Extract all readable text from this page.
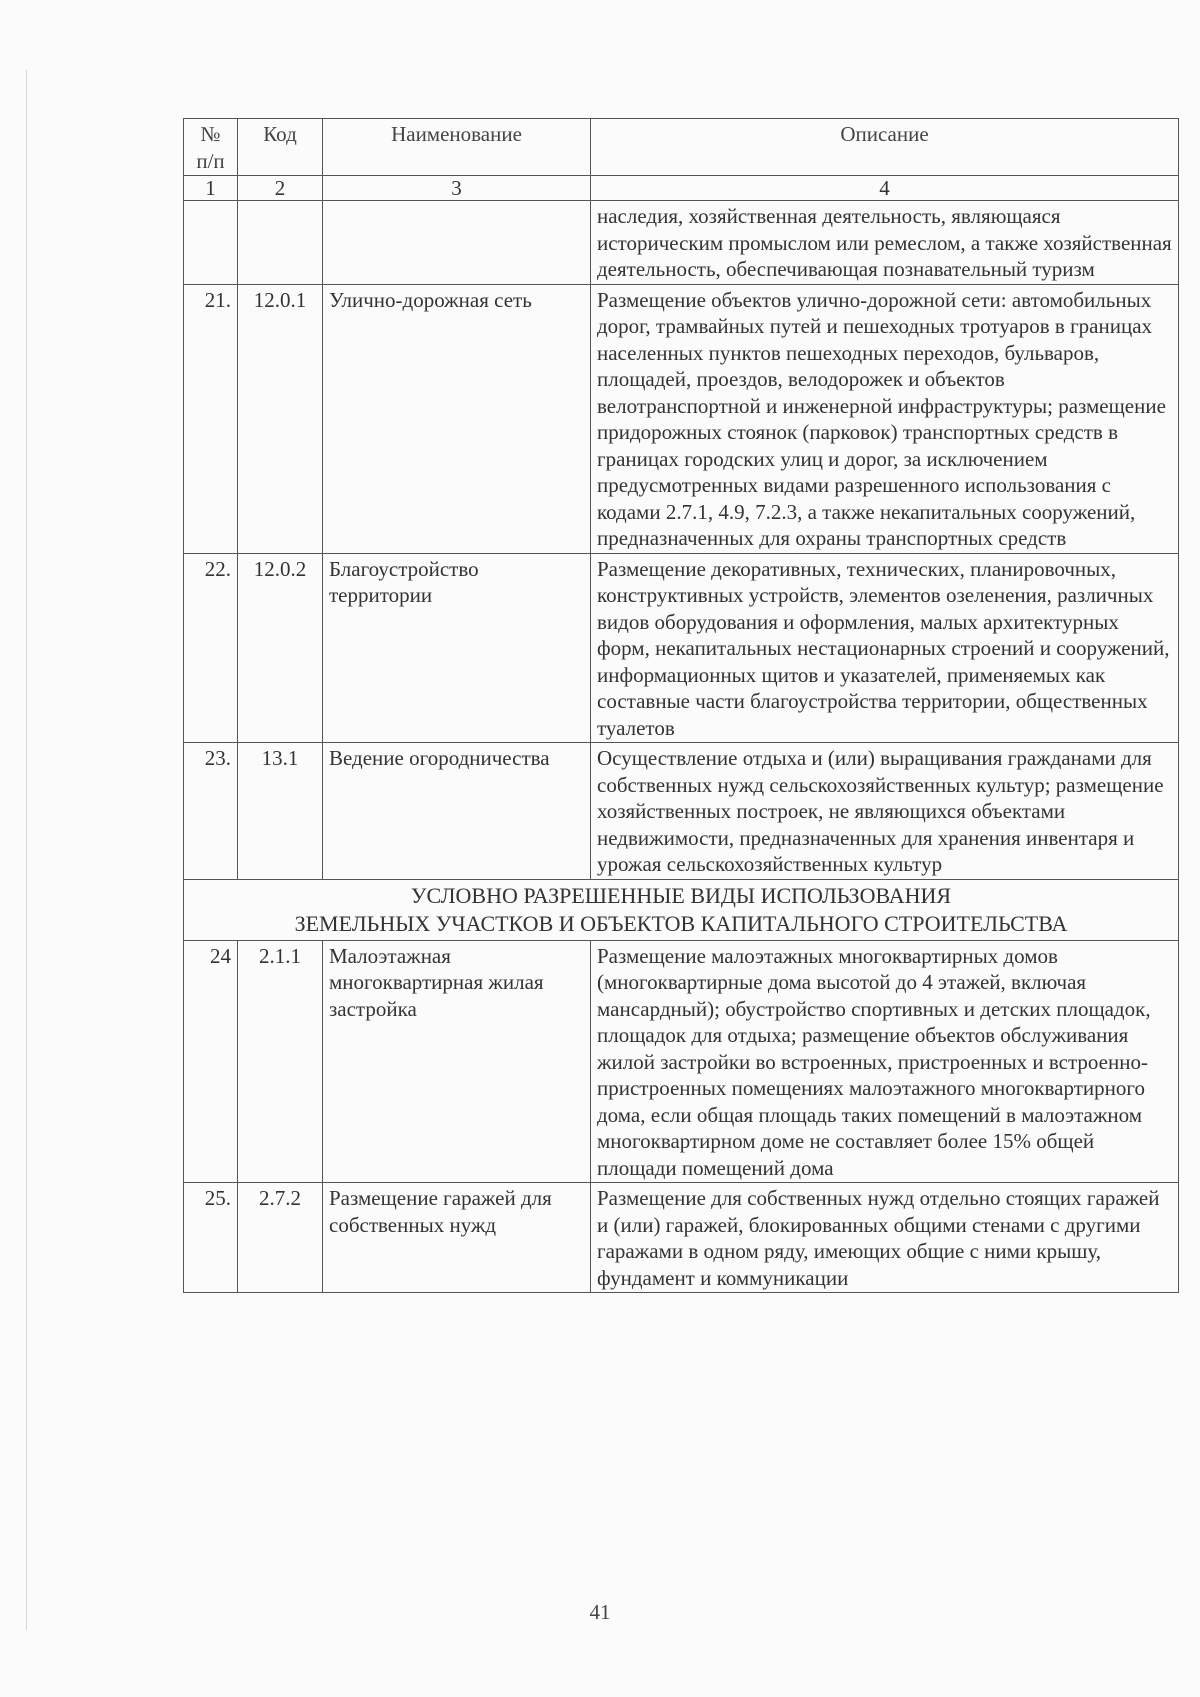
№ п/п	Код	Наименование	Описание
1	2	3	4
			наследия, хозяйственная деятельность, являющаяся историческим промыслом или ремеслом, а также хозяйственная деятельность, обеспечивающая познавательный туризм
21.	12.0.1	Улично-дорожная сеть	Размещение объектов улично-дорожной сети: автомобильных дорог, трамвайных путей и пешеходных тротуаров в границах населенных пунктов пешеходных переходов, бульваров, площадей, проездов, велодорожек и объектов велотранспортной и инженерной инфраструктуры; размещение придорожных стоянок (парковок) транспортных средств в границах городских улиц и дорог, за исключением предусмотренных видами разрешенного использования с кодами 2.7.1, 4.9, 7.2.3, а также некапитальных сооружений, предназначенных для охраны транспортных средств
22.	12.0.2	Благоустройство территории	Размещение декоративных, технических, планировочных, конструктивных устройств, элементов озеленения, различных видов оборудования и оформления, малых архитектурных форм, некапитальных нестационарных строений и сооружений, информационных щитов и указателей, применяемых как составные части благоустройства территории, общественных туалетов
23.	13.1	Ведение огородничества	Осуществление отдыха и (или) выращивания гражданами для собственных нужд сельскохозяйственных культур; размещение хозяйственных построек, не являющихся объектами недвижимости, предназначенных для хранения инвентаря и урожая сельскохозяйственных культур

УСЛОВНО РАЗРЕШЕННЫЕ ВИДЫ ИСПОЛЬЗОВАНИЯ
ЗЕМЕЛЬНЫХ УЧАСТКОВ И ОБЪЕКТОВ КАПИТАЛЬНОГО СТРОИТЕЛЬСТВА			

24	2.1.1	Малоэтажная многоквартирная жилая застройка	Размещение малоэтажных многоквартирных домов (многоквартирные дома высотой до 4 этажей, включая мансардный); обустройство спортивных и детских площадок, площадок для отдыха; размещение объектов обслуживания жилой застройки во встроенных, пристроенных и встроенно-пристроенных помещениях малоэтажного многоквартирного дома, если общая площадь таких помещений в малоэтажном многоквартирном доме не составляет более 15% общей площади помещений дома
25.	2.7.2	Размещение гаражей для собственных нужд	Размещение для собственных нужд отдельно стоящих гаражей и (или) гаражей, блокированных общими стенами с другими гаражами в одном ряду, имеющих общие с ними крышу, фундамент и коммуникации
41
